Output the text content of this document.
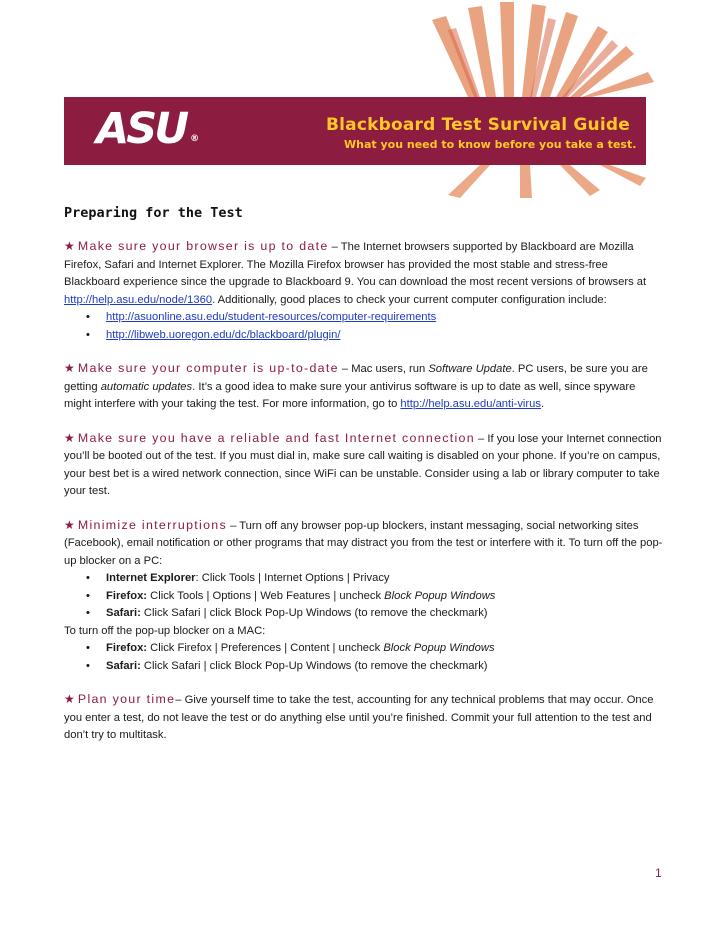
ASU ®
Blackboard Test Survival Guide
What you need to know before you take a test.
Preparing for the Test
★ Make sure your browser is up to date – The Internet browsers supported by Blackboard are Mozilla Firefox, Safari and Internet Explorer. The Mozilla Firefox browser has provided the most stable and stress-free Blackboard experience since the upgrade to Blackboard 9. You can download the most recent versions of browsers at http://help.asu.edu/node/1360. Additionally, good places to check your current computer configuration include:
• http://asuonline.asu.edu/student-resources/computer-requirements
• http://libweb.uoregon.edu/dc/blackboard/plugin/
★ Make sure your computer is up-to-date – Mac users, run Software Update. PC users, be sure you are getting automatic updates. It’s a good idea to make sure your antivirus software is up to date as well, since spyware might interfere with your taking the test. For more information, go to http://help.asu.edu/anti-virus.
★ Make sure you have a reliable and fast Internet connection – If you lose your Internet connection you’ll be booted out of the test. If you must dial in, make sure call waiting is disabled on your phone. If you’re on campus, your best bet is a wired network connection, since WiFi can be unstable. Consider using a lab or library computer to take your test.
★ Minimize interruptions – Turn off any browser pop-up blockers, instant messaging, social networking sites (Facebook), email notification or other programs that may distract you from the test or interfere with it. To turn off the pop-up blocker on a PC:
• Internet Explorer: Click Tools | Internet Options | Privacy
• Firefox: Click Tools | Options | Web Features | uncheck Block Popup Windows
• Safari: Click Safari | click Block Pop-Up Windows (to remove the checkmark)
To turn off the pop-up blocker on a MAC:
• Firefox: Click Firefox | Preferences | Content | uncheck Block Popup Windows
• Safari: Click Safari | click Block Pop-Up Windows (to remove the checkmark)
★ Plan your time– Give yourself time to take the test, accounting for any technical problems that may occur. Once you enter a test, do not leave the test or do anything else until you’re finished. Commit your full attention to the test and don’t try to multitask.
1
